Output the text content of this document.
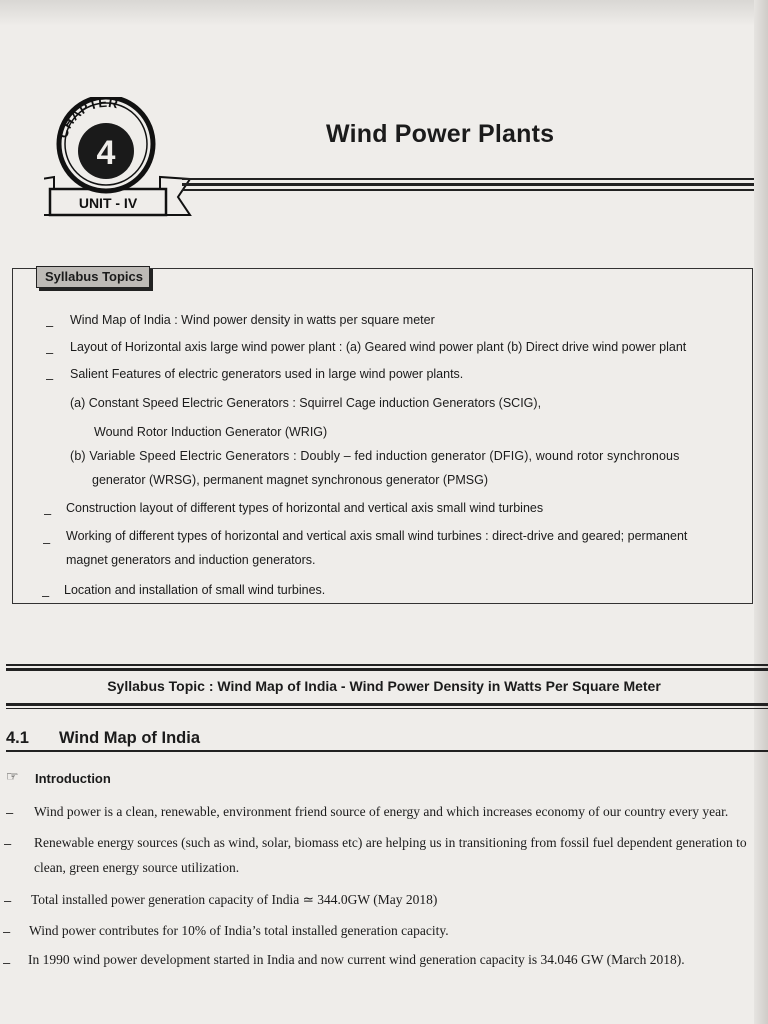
CHAPTER
4
UNIT - IV
Wind Power Plants
Syllabus Topics
– Wind Map of India : Wind power density in watts per square meter
– Layout of Horizontal axis large wind power plant : (a) Geared wind power plant (b) Direct drive wind power plant
– Salient Features of electric generators used in large wind power plants.
(a) Constant Speed Electric Generators : Squirrel Cage induction Generators (SCIG),
Wound Rotor Induction Generator (WRIG)
(b) Variable Speed Electric Generators : Doubly – fed induction generator (DFIG), wound rotor synchronous
generator (WRSG), permanent magnet synchronous generator (PMSG)
– Construction layout of different types of horizontal and vertical axis small wind turbines
– Working of different types of horizontal and vertical axis small wind turbines : direct-drive and geared; permanent
magnet generators and induction generators.
– Location and installation of small wind turbines.
Syllabus Topic : Wind Map of India - Wind Power Density in Watts Per Square Meter
4.1 Wind Map of India
☞ Introduction
– Wind power is a clean, renewable, environment friend source of energy and which increases economy of our country every year.
– Renewable energy sources (such as wind, solar, biomass etc) are helping us in transitioning from fossil fuel dependent generation to
clean, green energy source utilization.
– Total installed power generation capacity of India ≃ 344.0GW (May 2018)
– Wind power contributes for 10% of India’s total installed generation capacity.
– In 1990 wind power development started in India and now current wind generation capacity is 34.046 GW (March 2018).
